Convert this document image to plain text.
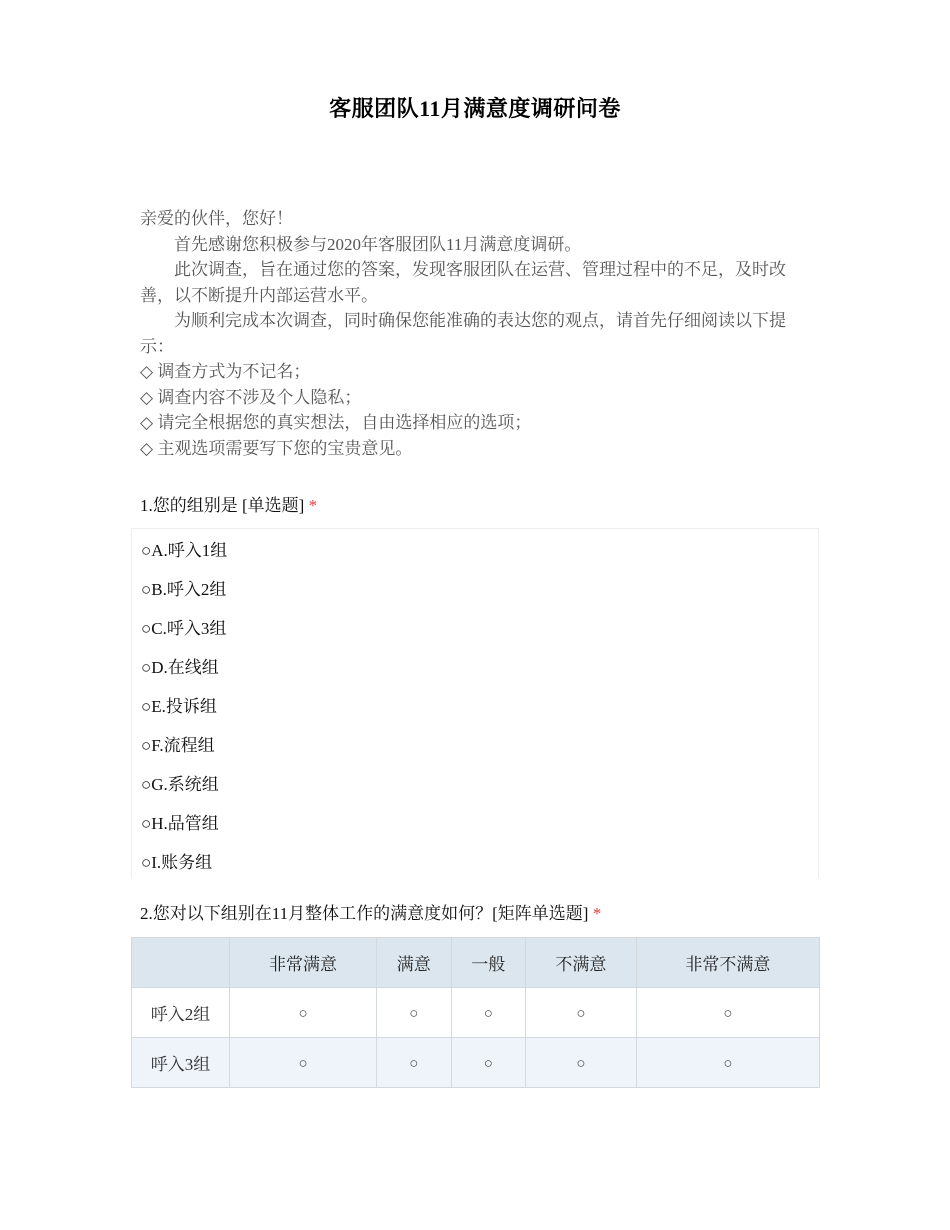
客服团队11月满意度调研问卷

亲爱的伙伴，您好！

首先感谢您积极参与2020年客服团队11月满意度调研。

此次调查，旨在通过您的答案，发现客服团队在运营、管理过程中的不足，及时改善，以不断提升内部运营水平。

为顺利完成本次调查，同时确保您能准确的表达您的观点，请首先仔细阅读以下提示：

◇ 调查方式为不记名；

◇ 调查内容不涉及个人隐私；

◇ 请完全根据您的真实想法，自由选择相应的选项；

◇ 主观选项需要写下您的宝贵意见。

1.您的组别是 [单选题] *
○A.呼入1组
○B.呼入2组
○C.呼入3组
○D.在线组
○E.投诉组
○F.流程组
○G.系统组
○H.品管组
○I.账务组
2.您对以下组别在11月整体工作的满意度如何？[矩阵单选题] *
	非常满意	满意	一般	不满意	非常不满意
呼入2组	○	○	○	○	○
呼入3组	○	○	○	○	○
